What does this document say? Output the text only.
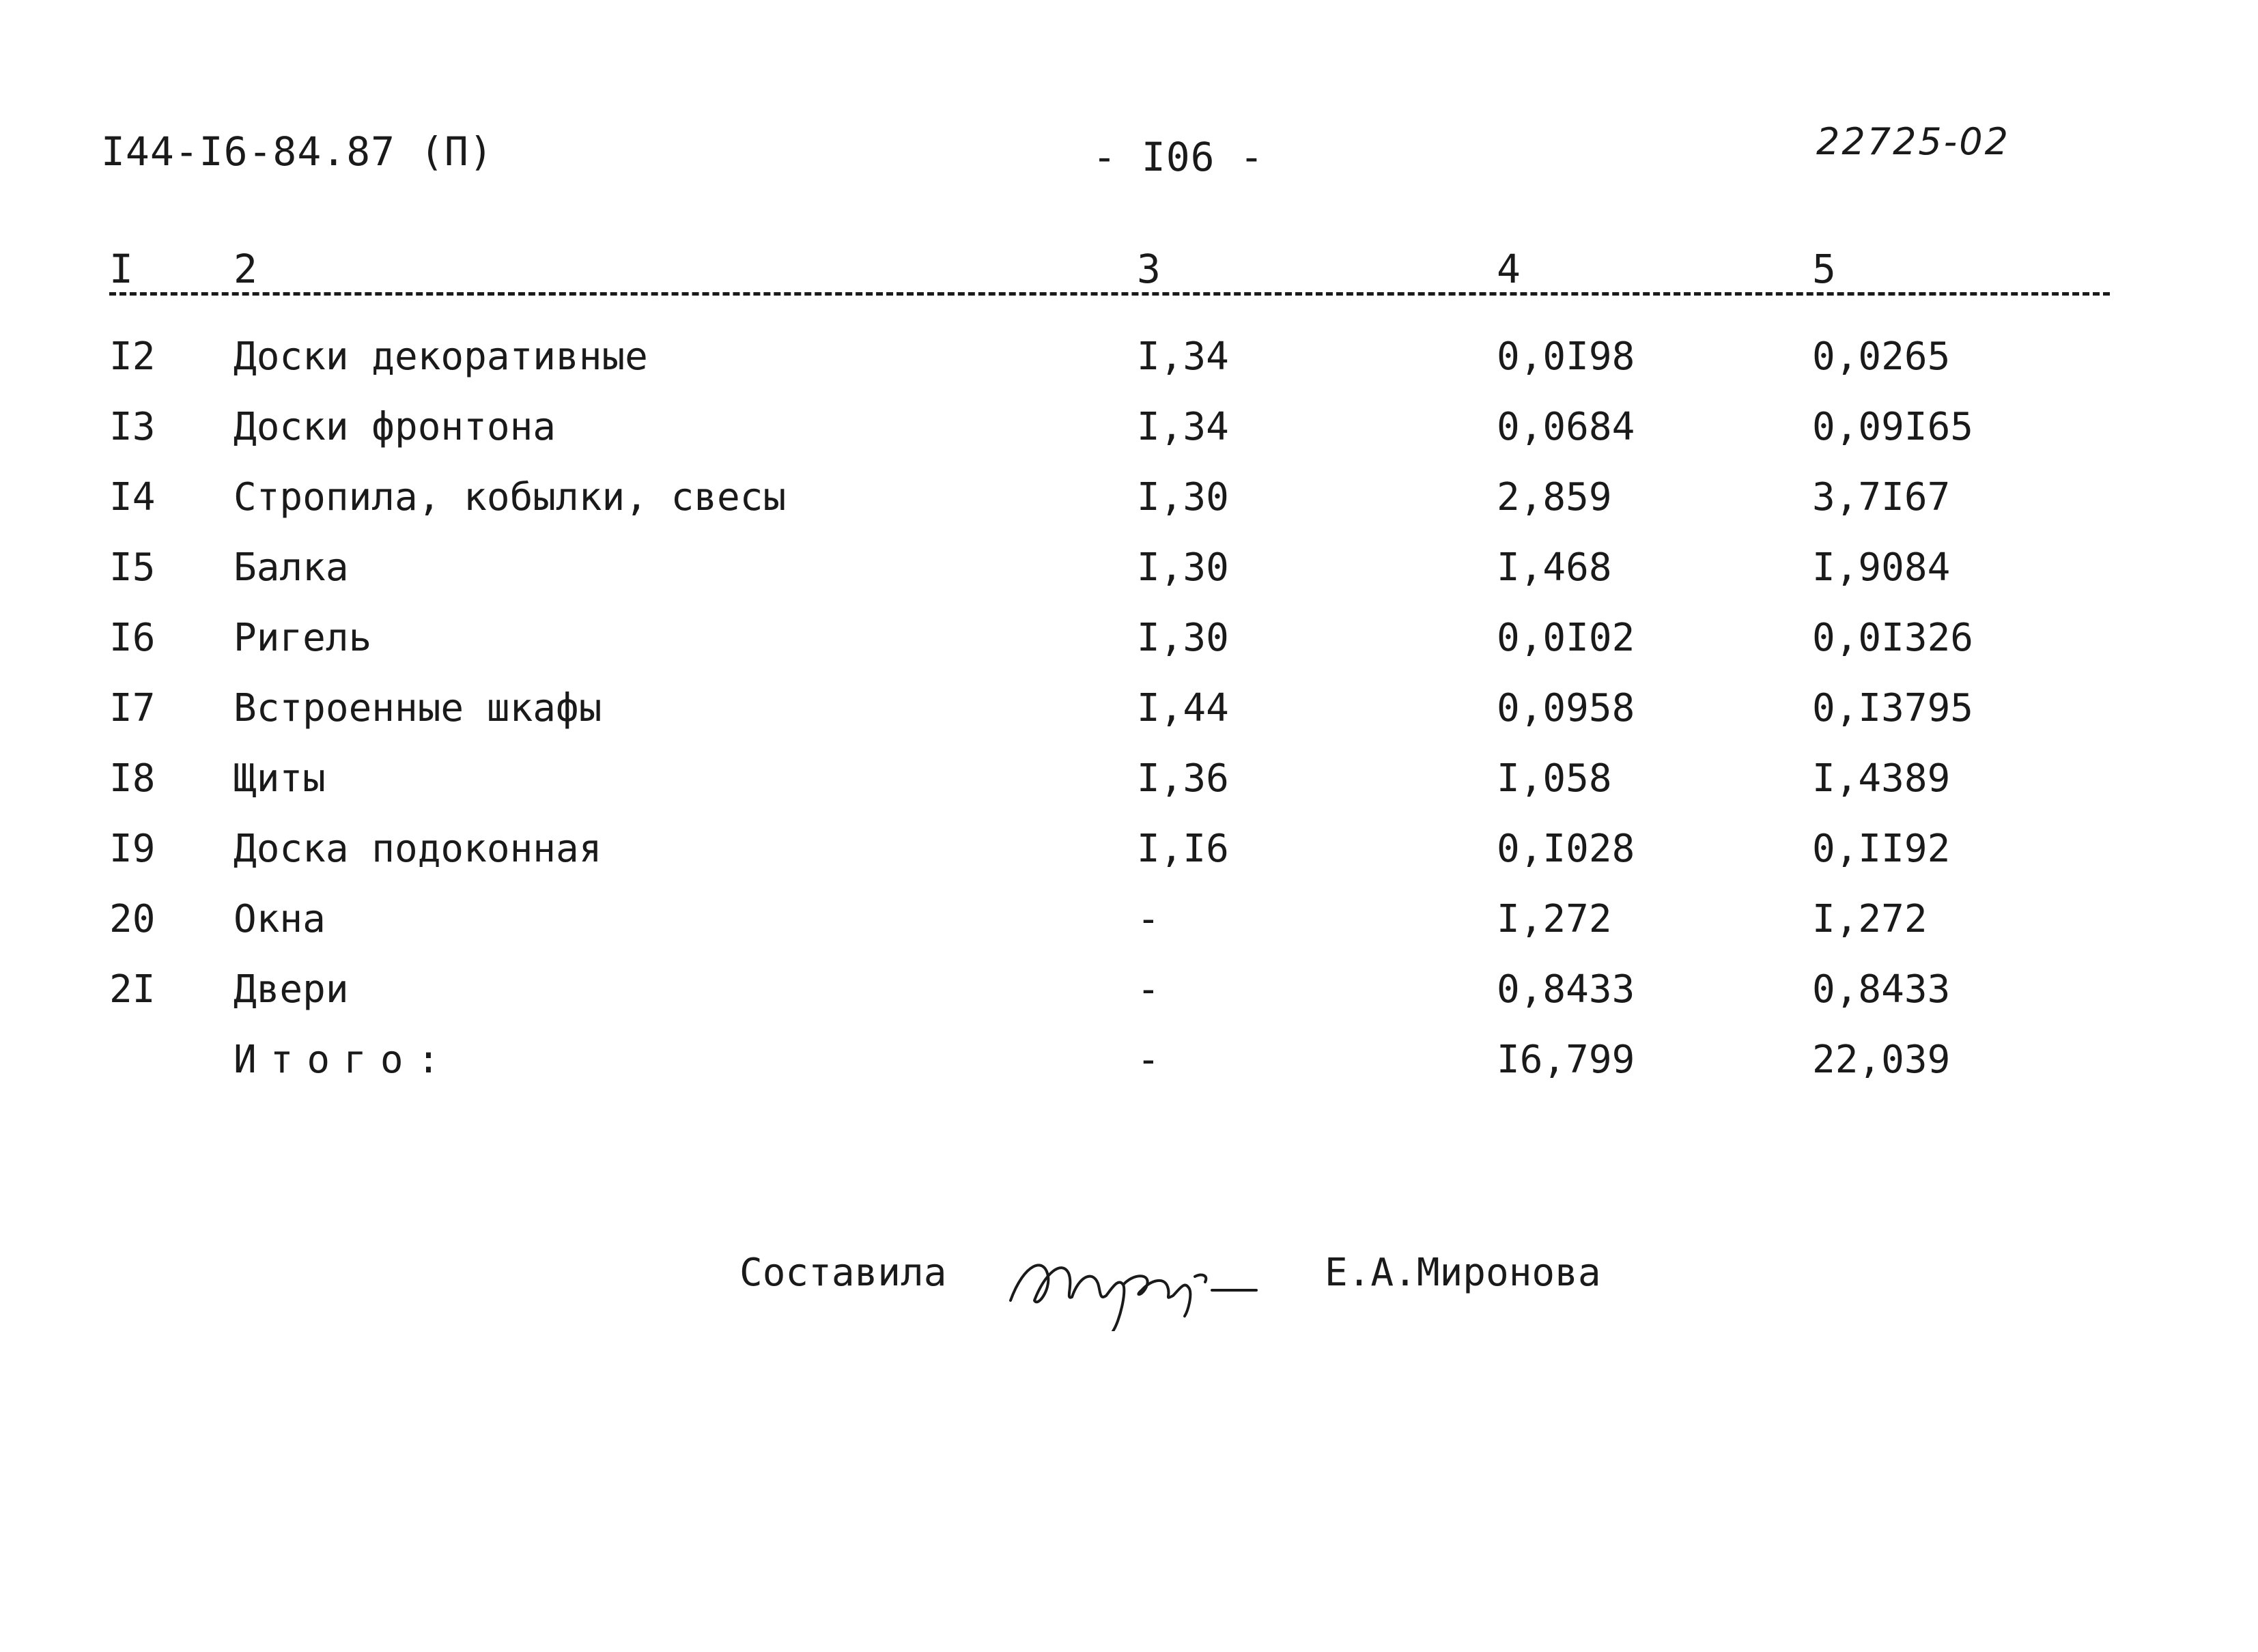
I44-I6-84.87 (П)	- I06 -	22725-02
I	2	3	4	5
I2 Доски декоративные	I,34	0,0I98	0,0265
I3 Доски фронтона	I,34	0,0684	0,09I65
I4 Стропила, кобылки, свесы	I,30	2,859	3,7I67
I5 Балка	I,30	I,468	I,9084
I6 Ригель	I,30	0,0I02	0,0I326
I7 Встроенные шкафы	I,44	0,0958	0,I3795
I8 Щиты	I,36	I,058	I,4389
I9 Доска подоконная	I,I6	0,I028	0,II92
20 Окна	-	I,272	I,272
2I Двери	-	0,8433	0,8433
Итого:	-	I6,799	22,039
Составила	Е.А.Миронова
